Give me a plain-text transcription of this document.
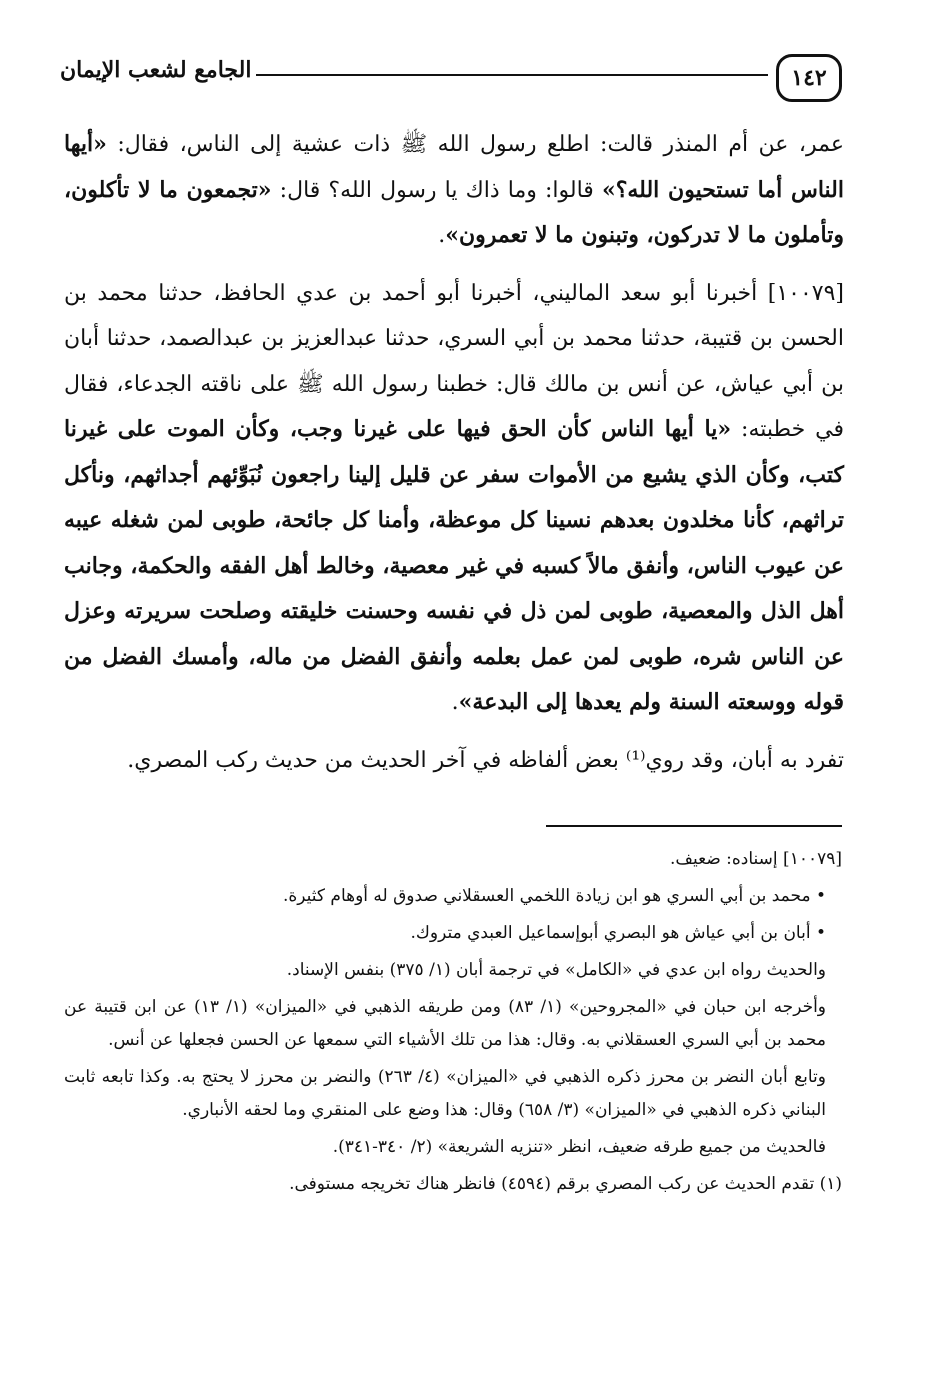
١٤٢
الجامع لشعب الإيمان

عمر، عن أم المنذر قالت: اطلع رسول الله ﷺ ذات عشية إلى الناس، فقال: «أيها الناس أما تستحيون الله؟» قالوا: وما ذاك يا رسول الله؟ قال: «تجمعون ما لا تأكلون، وتأملون ما لا تدركون، وتبنون ما لا تعمرون».

[١٠٠٧٩] أخبرنا أبو سعد الماليني، أخبرنا أبو أحمد بن عدي الحافظ، حدثنا محمد بن الحسن بن قتيبة، حدثنا محمد بن أبي السري، حدثنا عبدالعزيز بن عبدالصمد، حدثنا أبان بن أبي عياش، عن أنس بن مالك قال: خطبنا رسول الله ﷺ على ناقته الجدعاء، فقال في خطبته: «يا أيها الناس كأن الحق فيها على غيرنا وجب، وكأن الموت على غيرنا كتب، وكأن الذي يشيع من الأموات سفر عن قليل إلينا راجعون نُبَوِّئهم أجداثهم، ونأكل تراثهم، كأنا مخلدون بعدهم نسينا كل موعظة، وأمنا كل جائحة، طوبى لمن شغله عيبه عن عيوب الناس، وأنفق مالاً كسبه في غير معصية، وخالط أهل الفقه والحكمة، وجانب أهل الذل والمعصية، طوبى لمن ذل في نفسه وحسنت خليقته وصلحت سريرته وعزل عن الناس شره، طوبى لمن عمل بعلمه وأنفق الفضل من ماله، وأمسك الفضل من قوله ووسعته السنة ولم يعدها إلى البدعة».

تفرد به أبان، وقد روي⁽¹⁾ بعض ألفاظه في آخر الحديث من حديث ركب المصري.

[١٠٠٧٩] إسناده: ضعيف.

• محمد بن أبي السري هو ابن زيادة اللخمي العسقلاني صدوق له أوهام كثيرة.

• أبان بن أبي عياش هو البصري أبوإسماعيل العبدي متروك.

والحديث رواه ابن عدي في «الكامل» في ترجمة أبان (١/ ٣٧٥) بنفس الإسناد.

وأخرجه ابن حبان في «المجروحين» (١/ ٨٣) ومن طريقه الذهبي في «الميزان» (١/ ١٣) عن ابن قتيبة عن محمد بن أبي السري العسقلاني به. وقال: هذا من تلك الأشياء التي سمعها عن الحسن فجعلها عن أنس.

وتابع أبان النضر بن محرز ذكره الذهبي في «الميزان» (٤/ ٢٦٣) والنضر بن محرز لا يحتج به. وكذا تابعه ثابت البناني ذكره الذهبي في «الميزان» (٣/ ٦٥٨) وقال: هذا وضع على المنقري وما لحقه الأنباري.

فالحديث من جميع طرقه ضعيف، انظر «تنزيه الشريعة» (٢/ ٣٤٠-٣٤١).

(١) تقدم الحديث عن ركب المصري برقم (٤٥٩٤) فانظر هناك تخريجه مستوفى.
